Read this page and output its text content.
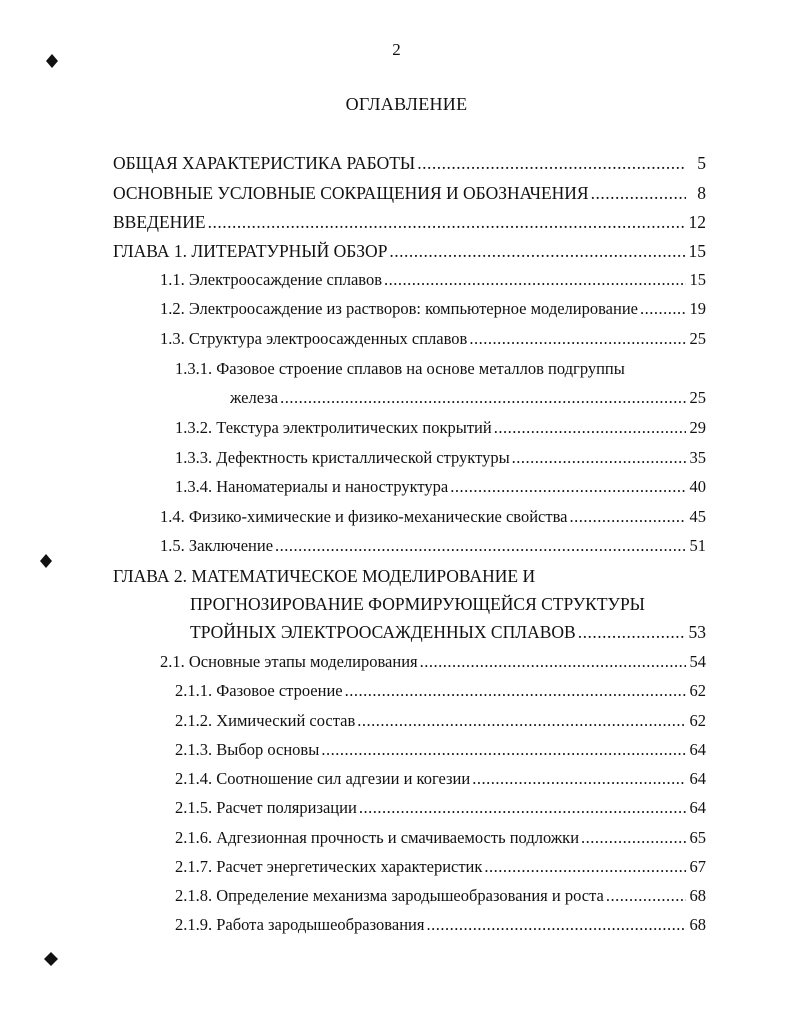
2
ОГЛАВЛЕНИЕ
ОБЩАЯ ХАРАКТЕРИСТИКА РАБОТЫ .....	5
ОСНОВНЫЕ УСЛОВНЫЕ СОКРАЩЕНИЯ И ОБОЗНАЧЕНИЯ .....	8
ВВЕДЕНИЕ .....	12
ГЛАВА 1. ЛИТЕРАТУРНЫЙ ОБЗОР .....	15
1.1. Электроосаждение сплавов .....	15
1.2. Электроосаждение из растворов: компьютерное моделирование .....	19
1.3. Структура электроосажденных сплавов .....	25
1.3.1. Фазовое строение сплавов на основе металлов подгруппы
железа .....	25
1.3.2. Текстура электролитических покрытий .....	29
1.3.3. Дефектность кристаллической структуры .....	35
1.3.4. Наноматериалы и наноструктура .....	40
1.4. Физико-химические и физико-механические свойства .....	45
1.5. Заключение .....	51
ГЛАВА 2. МАТЕМАТИЧЕСКОЕ МОДЕЛИРОВАНИЕ И
ПРОГНОЗИРОВАНИЕ ФОРМИРУЮЩЕЙСЯ СТРУКТУРЫ
ТРОЙНЫХ ЭЛЕКТРООСАЖДЕННЫХ СПЛАВОВ .....	53
2.1. Основные этапы моделирования .....	54
2.1.1. Фазовое строение .....	62
2.1.2. Химический состав .....	62
2.1.3. Выбор основы .....	64
2.1.4. Соотношение сил адгезии и когезии .....	64
2.1.5. Расчет поляризации .....	64
2.1.6. Адгезионная прочность и смачиваемость подложки .....	65
2.1.7. Расчет энергетических характеристик .....	67
2.1.8. Определение механизма зародышеобразования и роста .....	68
2.1.9. Работа зародышеобразования .....	68
